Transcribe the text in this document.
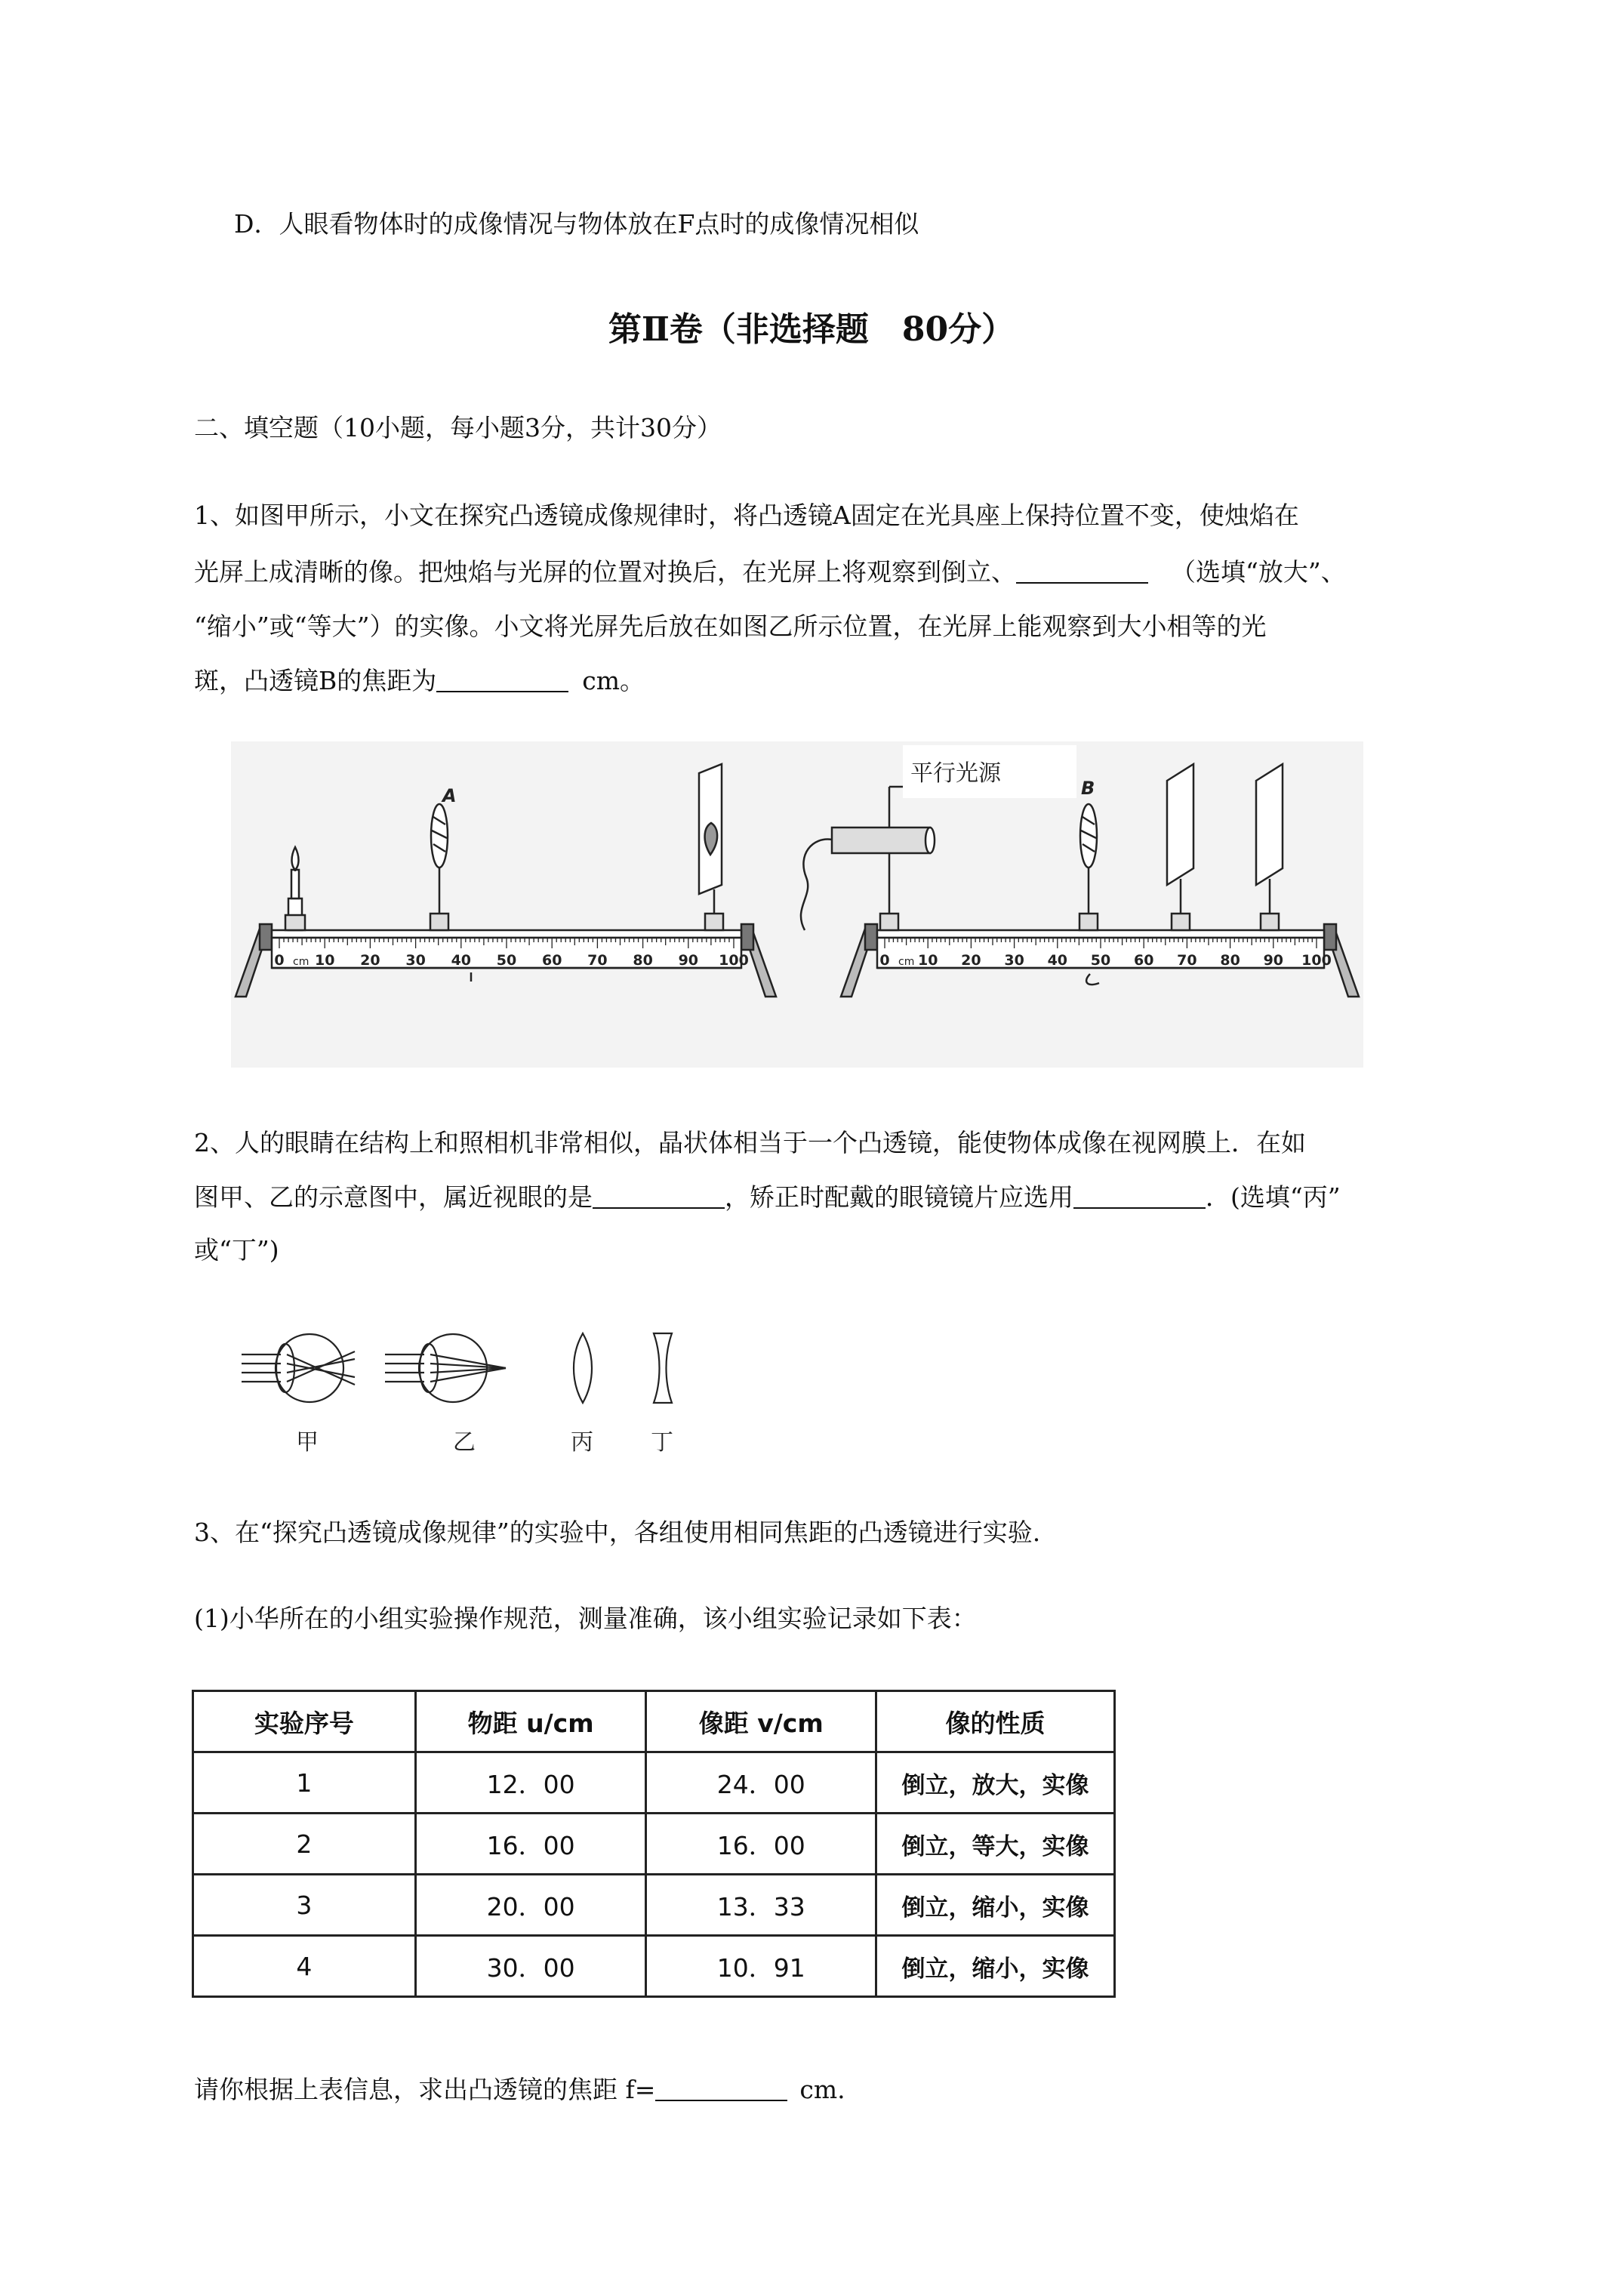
D．人眼看物体时的成像情况与物体放在F点时的成像情况相似
第Ⅱ卷（非选择题　80分）
二、填空题（10小题，每小题3分，共计30分）
1、如图甲所示，小文在探究凸透镜成像规律时，将凸透镜A固定在光具座上保持位置不变，使烛焰在
光屏上成清晰的像。把烛焰与光屏的位置对换后，在光屏上将观察到倒立、	（选填“放大”、
“缩小”或“等大”）的实像。小文将光屏先后放在如图乙所示位置，在光屏上能观察到大小相等的光
斑，凸透镜B的焦距为	cm。
0 10 20 30 40 50 60 70 80 90 100
cm	0 10 20 30 40 50 60 70 80 90 100
cm
A	B
平行光源
2、人的眼睛在结构上和照相机非常相似，晶状体相当于一个凸透镜，能使物体成像在视网膜上．在如
图甲、乙的示意图中，属近视眼的是	，矫正时配戴的眼镜镜片应选用	．(选填“丙”
或“丁”)
甲	乙	丙	丁
3、在“探究凸透镜成像规律”的实验中，各组使用相同焦距的凸透镜进行实验.
(1)小华所在的小组实验操作规范，测量准确，该小组实验记录如下表：
实验序号	物距 u/cm	像距 v/cm	像的性质
1	12．00	24．00	倒立，放大，实像
2	16．00	16．00	倒立，等大，实像
3	20．00	13．33	倒立，缩小，实像
4	30．00	10．91	倒立，缩小，实像
请你根据上表信息，求出凸透镜的焦距 f=	cm.
